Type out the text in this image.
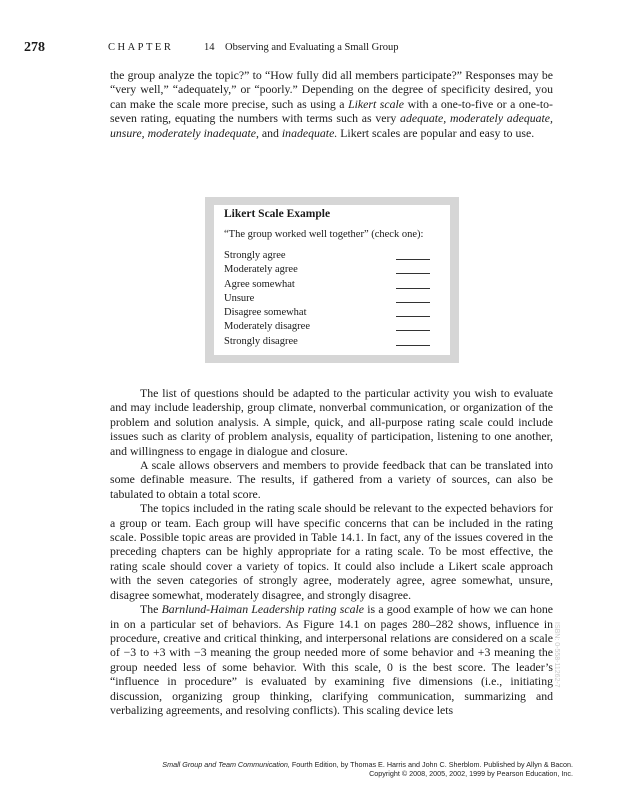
278	CHAPTER	14 Observing and Evaluating a Small Group

the group analyze the topic?” to “How fully did all members participate?” Responses may be “very well,” “adequately,” or “poorly.” Depending on the degree of specificity desired, you can make the scale more precise, such as using a Likert scale with a one-to-five or a one-to-seven rating, equating the numbers with terms such as very adequate, moderately adequate, unsure, moderately inadequate, and inadequate. Likert scales are popular and easy to use.

Likert Scale Example
“The group worked well together” (check one):
Strongly agree
Moderately agree
Agree somewhat
Unsure
Disagree somewhat
Moderately disagree
Strongly disagree

The list of questions should be adapted to the particular activity you wish to evaluate and may include leadership, group climate, nonverbal communication, or organization of the problem and solution analysis. A simple, quick, and all-purpose rating scale could include issues such as clarity of problem analysis, equality of participation, listening to one another, and willingness to engage in dialogue and closure.

A scale allows observers and members to provide feedback that can be translated into some definable measure. The results, if gathered from a variety of sources, can also be tabulated to obtain a total score.

The topics included in the rating scale should be relevant to the expected behaviors for a group or team. Each group will have specific concerns that can be included in the rating scale. Possible topic areas are provided in Table 14.1. In fact, any of the issues covered in the preceding chapters can be highly appropriate for a rating scale. To be most effective, the rating scale should cover a variety of topics. It could also include a Likert scale approach with the seven categories of strongly agree, moderately agree, agree somewhat, unsure, disagree somewhat, moderately disagree, and strongly disagree.

The Barnlund-Haiman Leadership rating scale is a good example of how we can hone in on a particular set of behaviors. As Figure 14.1 on pages 280–282 shows, influence in procedure, creative and critical thinking, and interpersonal relations are considered on a scale of −3 to +3 with −3 meaning the group needed more of some behavior and +3 meaning the group needed less of some behavior. With this scale, 0 is the best score. The leader’s “influence in procedure” is evaluated by examining five dimensions (i.e., initiating discussion, organizing group thinking, clarifying communication, summarizing and verbalizing agreements, and resolving conflicts). This scaling device lets

ISBN: 0-558-11262-7
Small Group and Team Communication, Fourth Edition, by Thomas E. Harris and John C. Sherblom. Published by Allyn & Bacon.
Copyright © 2008, 2005, 2002, 1999 by Pearson Education, Inc.
